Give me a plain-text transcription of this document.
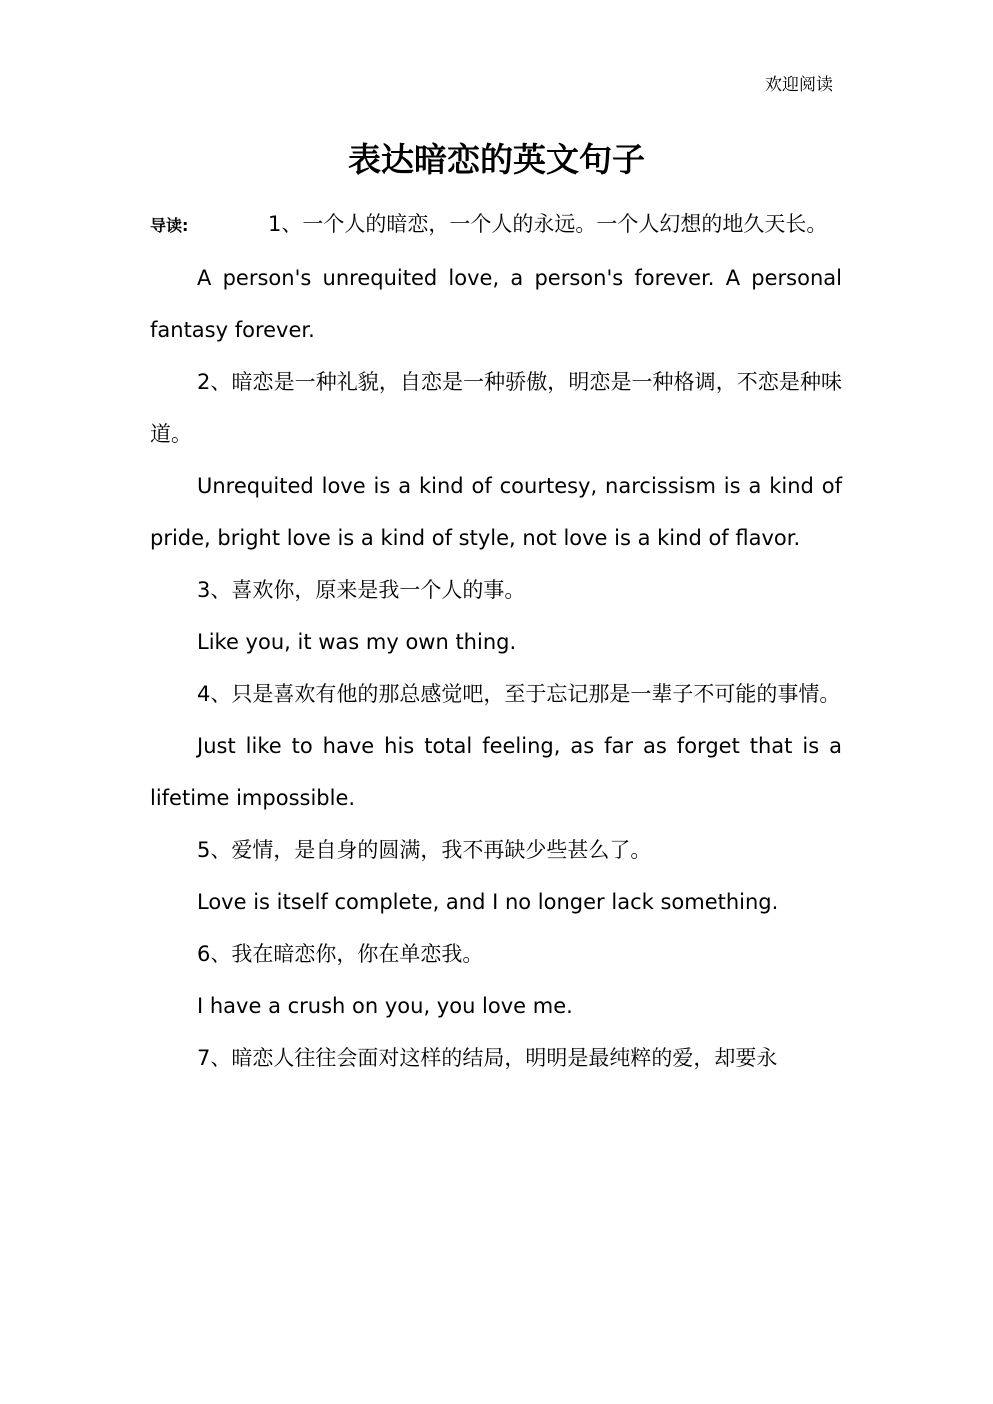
欢迎阅读
表达暗恋的英文句子

导读:	1、一个人的暗恋，一个人的永远。一个人幻想的地久天长。

A person's unrequited love, a person's forever. A personal fantasy forever.

2、暗恋是一种礼貌，自恋是一种骄傲，明恋是一种格调，不恋是种味道。

Unrequited love is a kind of courtesy, narcissism is a kind of pride, bright love is a kind of style, not love is a kind of flavor.

3、喜欢你，原来是我一个人的事。

Like you, it was my own thing.

4、只是喜欢有他的那总感觉吧，至于忘记那是一辈子不可能的事情。

Just like to have his total feeling, as far as forget that is a lifetime impossible.

5、爱情，是自身的圆满，我不再缺少些甚么了。

Love is itself complete, and I no longer lack something.

6、我在暗恋你，你在单恋我。

I have a crush on you, you love me.

7、暗恋人往往会面对这样的结局，明明是最纯粹的爱，却要永
